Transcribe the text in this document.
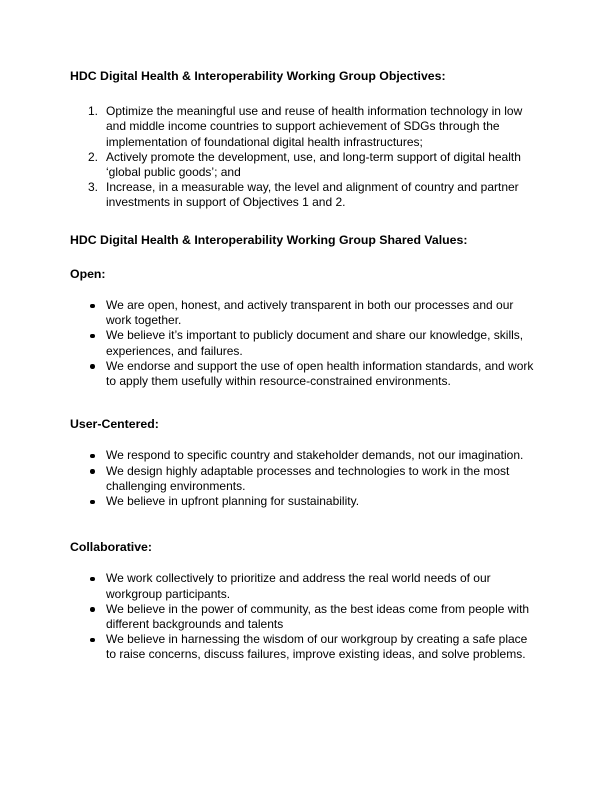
HDC Digital Health & Interoperability Working Group Objectives:

1. Optimize the meaningful use and reuse of health information technology in low and middle income countries to support achievement of SDGs through the implementation of foundational digital health infrastructures;
2. Actively promote the development, use, and long-term support of digital health ‘global public goods’; and
3. Increase, in a measurable way, the level and alignment of country and partner investments in support of Objectives 1 and 2.

HDC Digital Health & Interoperability Working Group Shared Values:

Open:

We are open, honest, and actively transparent in both our processes and our work together.
We believe it’s important to publicly document and share our knowledge, skills, experiences, and failures.
We endorse and support the use of open health information standards, and work to apply them usefully within resource-constrained environments.

User-Centered:

We respond to specific country and stakeholder demands, not our imagination.
We design highly adaptable processes and technologies to work in the most challenging environments.
We believe in upfront planning for sustainability.

Collaborative:

We work collectively to prioritize and address the real world needs of our workgroup participants.
We believe in the power of community, as the best ideas come from people with different backgrounds and talents
We believe in harnessing the wisdom of our workgroup by creating a safe place to raise concerns, discuss failures, improve existing ideas, and solve problems.
